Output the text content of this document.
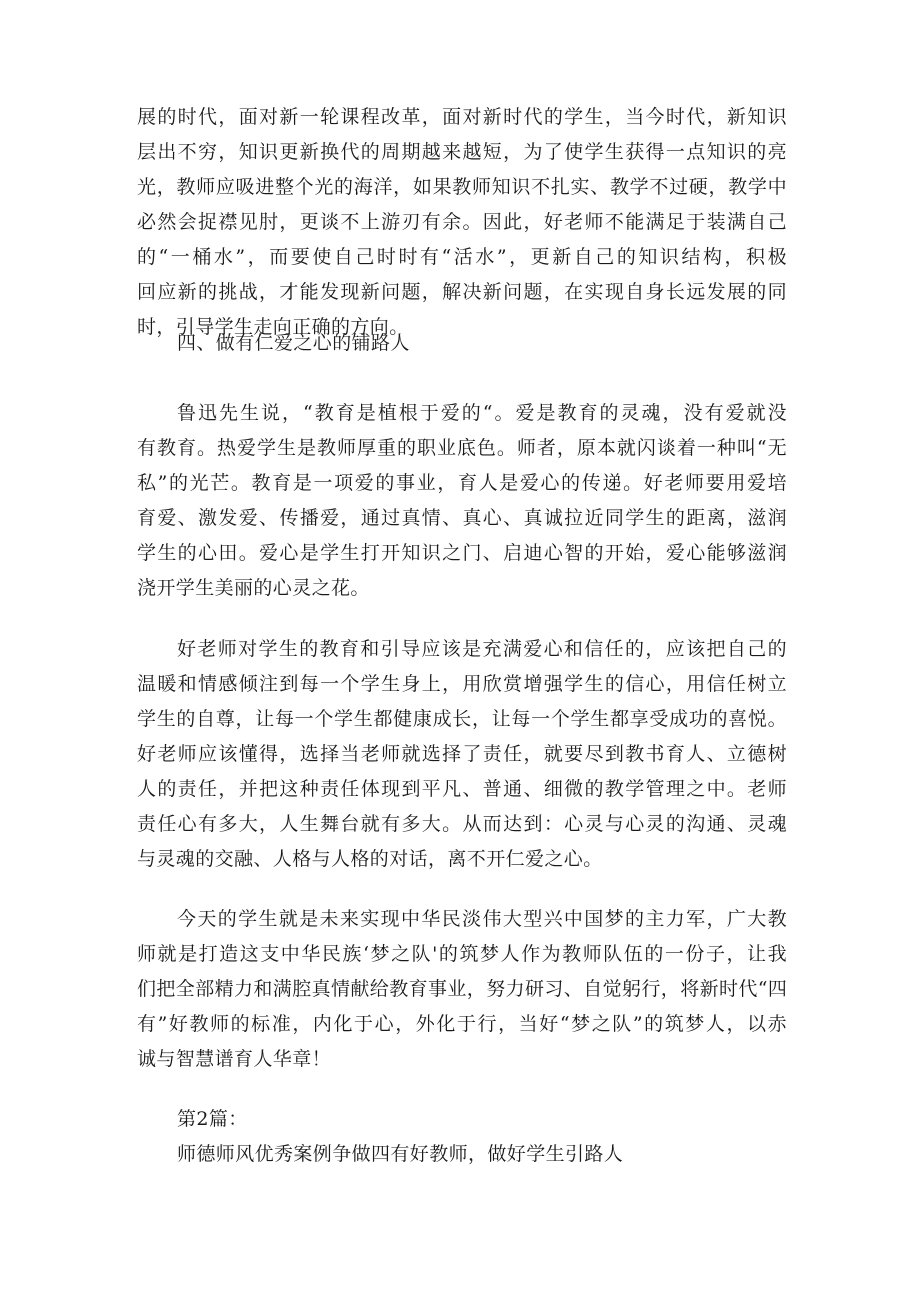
展的时代，面对新一轮课程改革，面对新时代的学生，当今时代，新知识
层出不穷，知识更新换代的周期越来越短，为了使学生获得一点知识的亮
光，教师应吸进整个光的海洋，如果教师知识不扎实、教学不过硬，教学中
必然会捉襟见肘，更谈不上游刃有余。因此，好老师不能满足于装满自己
的“一桶水”，而要使自己时时有“活水”，更新自己的知识结构，积极
回应新的挑战，才能发现新问题，解决新问题，在实现自身长远发展的同
时，引导学生走向正确的方向。
四、做有仁爱之心的铺路人
鲁迅先生说，“教育是植根于爱的“。爱是教育的灵魂，没有爱就没
有教育。热爱学生是教师厚重的职业底色。师者，原本就闪谈着一种叫“无
私”的光芒。教育是一项爱的事业，育人是爱心的传递。好老师要用爱培
育爱、激发爱、传播爱，通过真情、真心、真诚拉近同学生的距离，滋润
学生的心田。爱心是学生打开知识之门、启迪心智的开始，爱心能够滋润
浇开学生美丽的心灵之花。
好老师对学生的教育和引导应该是充满爱心和信任的，应该把自己的
温暖和情感倾注到每一个学生身上，用欣赏增强学生的信心，用信任树立
学生的自尊，让每一个学生都健康成长，让每一个学生都享受成功的喜悦。
好老师应该懂得，选择当老师就选择了责任，就要尽到教书育人、立德树
人的责任，并把这种责任体现到平凡、普通、细微的教学管理之中。老师
责任心有多大，人生舞台就有多大。从而达到：心灵与心灵的沟通、灵魂
与灵魂的交融、人格与人格的对话，离不开仁爱之心。
今天的学生就是未来实现中华民淡伟大型兴中国梦的主力军，广大教
师就是打造这支中华民族‘梦之队'的筑梦人作为教师队伍的一份子，让我
们把全部精力和满腔真情献给教育事业，努力研习、自觉躬行，将新时代“四
有”好教师的标准，内化于心，外化于行，当好“梦之队”的筑梦人，以赤
诚与智慧谱育人华章！
第2篇：
师德师风优秀案例争做四有好教师，做好学生引路人
